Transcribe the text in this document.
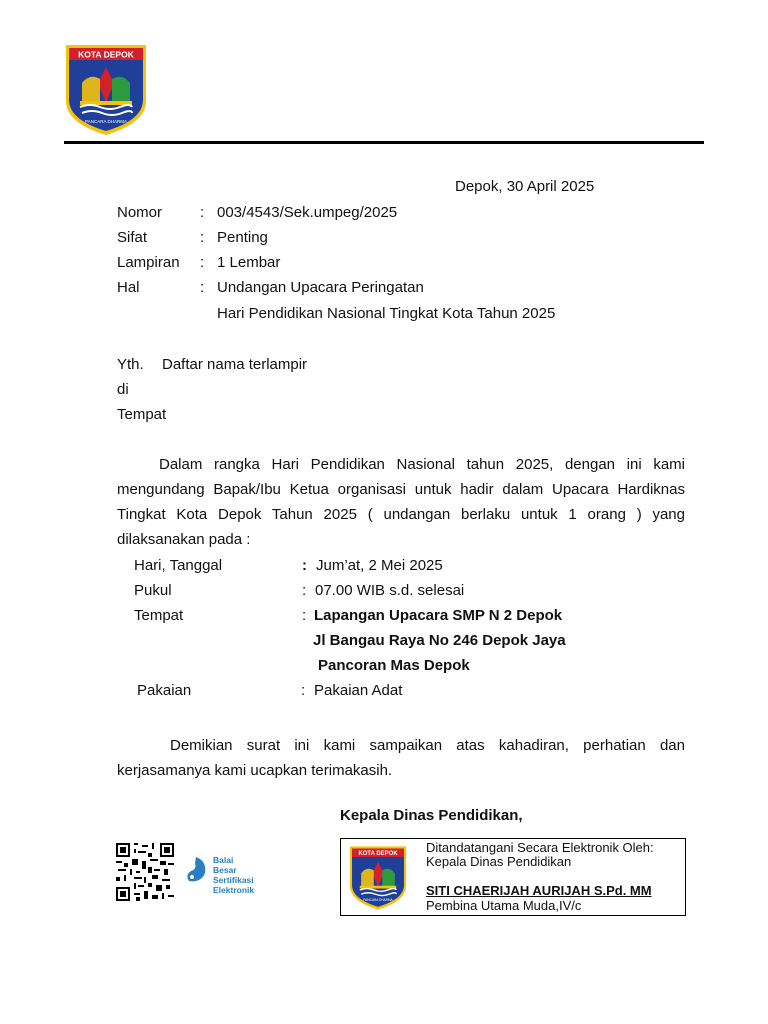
KOTA DEPOK
PANCARA DHARMA
Depok, 30 April 2025
Nomor	: 003/4543/Sek.umpeg/2025
Sifat	: Penting
Lampiran : 1 Lembar
Hal	: Undangan Upacara Peringatan
Hari Pendidikan Nasional Tingkat Kota Tahun 2025
Yth. Daftar nama terlampir
di
Tempat
Dalam rangka Hari Pendidikan Nasional tahun 2025, dengan ini kami
mengundang Bapak/Ibu Ketua organisasi untuk hadir dalam Upacara Hardiknas
Tingkat Kota Depok Tahun 2025 ( undangan berlaku untuk 1 orang ) yang
dilaksanakan pada :
Hari, Tanggal	: Jum’at, 2 Mei 2025
Pukul	: 07.00 WIB s.d. selesai
Tempat	: Lapangan Upacara SMP N 2 Depok
Jl Bangau Raya No 246 Depok Jaya
Pancoran Mas Depok
Pakaian	: Pakaian Adat
Demikian surat ini kami sampaikan atas kahadiran, perhatian dan
kerjasamanya kami ucapkan terimakasih.
Kepala Dinas Pendidikan,
Balai Besar
Sertifikasi
Elektronik
KOTA DEPOK
PANCARA DHARMA
Ditandatangani Secara Elektronik Oleh:
Kepala Dinas Pendidikan
SITI CHAERIJAH AURIJAH S.Pd. MM
Pembina Utama Muda,IV/c
